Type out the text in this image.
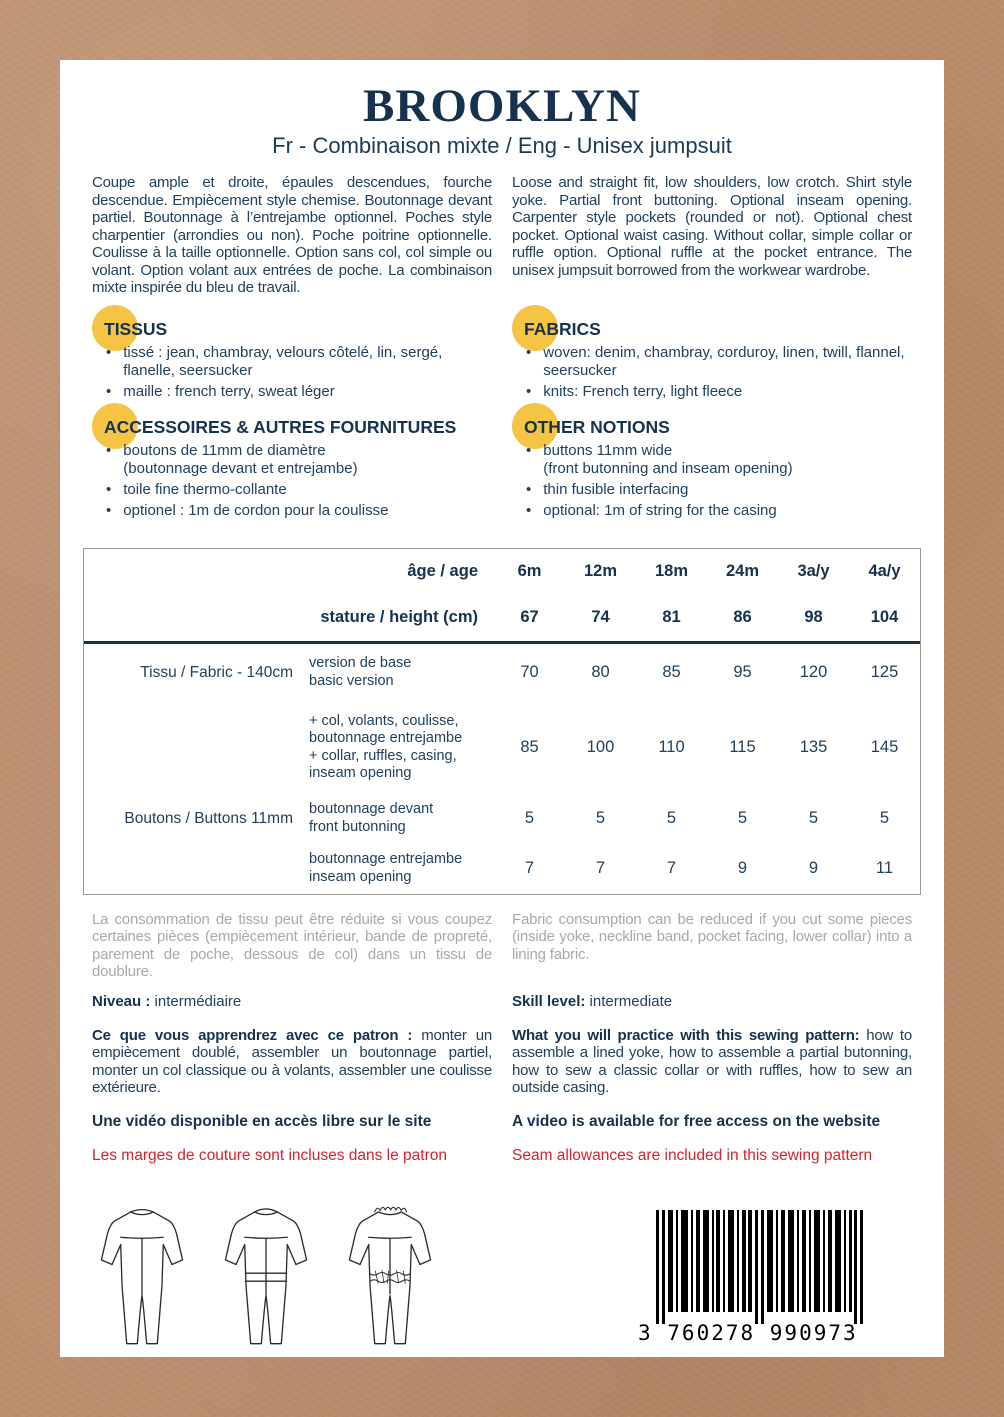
BROOKLYN
Fr - Combinaison mixte / Eng - Unisex jumpsuit

Coupe ample et droite, épaules descendues, fourche descendue. Empiècement style chemise. Boutonnage devant partiel. Boutonnage à l’entrejambe optionnel. Poches style charpentier (arrondies ou non). Poche poitrine optionnelle. Coulisse à la taille optionnelle. Option sans col, col simple ou volant. Option volant aux entrées de poche. La combinaison mixte inspirée du bleu de travail.

Loose and straight fit, low shoulders, low crotch. Shirt style yoke. Partial front buttoning. Optional inseam opening. Carpenter style pockets (rounded or not). Optional chest pocket. Optional waist casing. Without collar, simple collar or ruffle option. Optional ruffle at the pocket entrance. The unisex jumpsuit borrowed from the workwear wardrobe.

TISSUS
• tissé : jean, chambray, velours côtelé, lin, sergé, flanelle, seersucker
• maille : french terry, sweat léger
ACCESSOIRES & AUTRES FOURNITURES
• boutons de 11mm de diamètre
(boutonnage devant et entrejambe)
• toile fine thermo-collante
• optionel : 1m de cordon pour la coulisse
FABRICS
• woven: denim, chambray, corduroy, linen, twill, flannel, seersucker
• knits: French terry, light fleece
OTHER NOTIONS
• buttons 11mm wide
(front butonning and inseam opening)
• thin fusible interfacing
• optional: 1m of string for the casing
âge / age	6m	12m	18m	24m	3a/y	4a/y
stature / height (cm)	67	74	81	86	98	104
Tissu / Fabric - 140cm
version de base
basic version	70	80	85	95	120	125
+ col, volants, coulisse,
boutonnage entrejambe
+ collar, ruffles, casing,
inseam opening
85	100	110	115	135	145
Boutons / Buttons 11mm
boutonnage devant
front butonning	5	5	5	5	5	5
boutonnage entrejambe
inseam opening	7	7	7	9	9	11

La consommation de tissu peut être réduite si vous coupez certaines pièces (empiècement intérieur, bande de propreté, parement de poche, dessous de col) dans un tissu de doublure.

Fabric consumption can be reduced if you cut some pieces (inside yoke, neckline band, pocket facing, lower collar) into a lining fabric.

Niveau : intermédiaire	Skill level: intermediate

Ce que vous apprendrez avec ce patron : monter un empiècement doublé, assembler un boutonnage partiel, monter un col classique ou à volants, assembler une coulisse extérieure.

What you will practice with this sewing pattern: how to assemble a lined yoke, how to assemble a partial butonning, how to sew a classic collar or with ruffles, how to sew an outside casing.

Une vidéo disponible en accès libre sur le site	A video is available for free access on the website
Les marges de couture sont incluses dans le patron	Seam allowances are included in this sewing pattern
3 760278 990973
